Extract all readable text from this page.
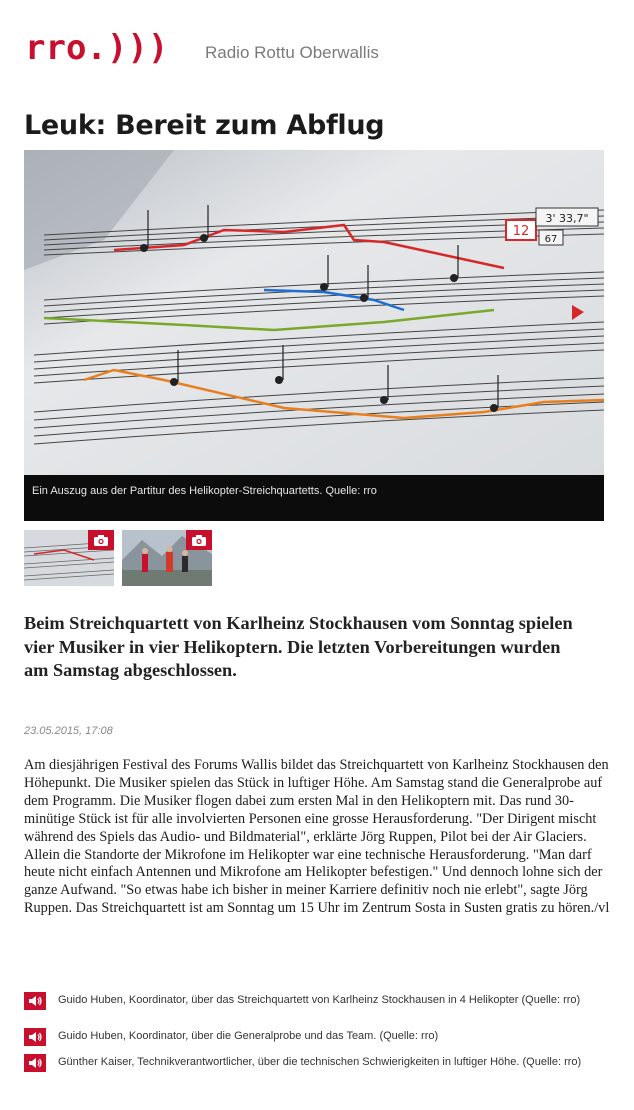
rro.))) Radio Rottu Oberwallis
Leuk: Bereit zum Abflug
12
3' 33,7"
67
Ein Auszug aus der Partitur des Helikopter-Streichquartetts. Quelle: rro

Beim Streichquartett von Karlheinz Stockhausen vom Sonntag spielen vier Musiker in vier Helikoptern. Die letzten Vorbereitungen wurden am Samstag abgeschlossen.

23.05.2015, 17:08

Am diesjährigen Festival des Forums Wallis bildet das Streichquartett von Karlheinz Stockhausen den Höhepunkt. Die Musiker spielen das Stück in luftiger Höhe. Am Samstag stand die Generalprobe auf dem Programm. Die Musiker flogen dabei zum ersten Mal in den Helikoptern mit. Das rund 30-minütige Stück ist für alle involvierten Personen eine grosse Herausforderung. "Der Dirigent mischt während des Spiels das Audio- und Bildmaterial", erklärte Jörg Ruppen, Pilot bei der Air Glaciers. Allein die Standorte der Mikrofone im Helikopter war eine technische Herausforderung. "Man darf heute nicht einfach Antennen und Mikrofone am Helikopter befestigen." Und dennoch lohne sich der ganze Aufwand. "So etwas habe ich bisher in meiner Karriere definitiv noch nie erlebt", sagte Jörg Ruppen. Das Streichquartett ist am Sonntag um 15 Uhr im Zentrum Sosta in Susten gratis zu hören./vl

Guido Huben, Koordinator, über das Streichquartett von Karlheinz Stockhausen in 4 Helikopter (Quelle: rro)
Guido Huben, Koordinator, über die Generalprobe und das Team. (Quelle: rro)
Günther Kaiser, Technikverantwortlicher, über die technischen Schwierigkeiten in luftiger Höhe. (Quelle: rro)
